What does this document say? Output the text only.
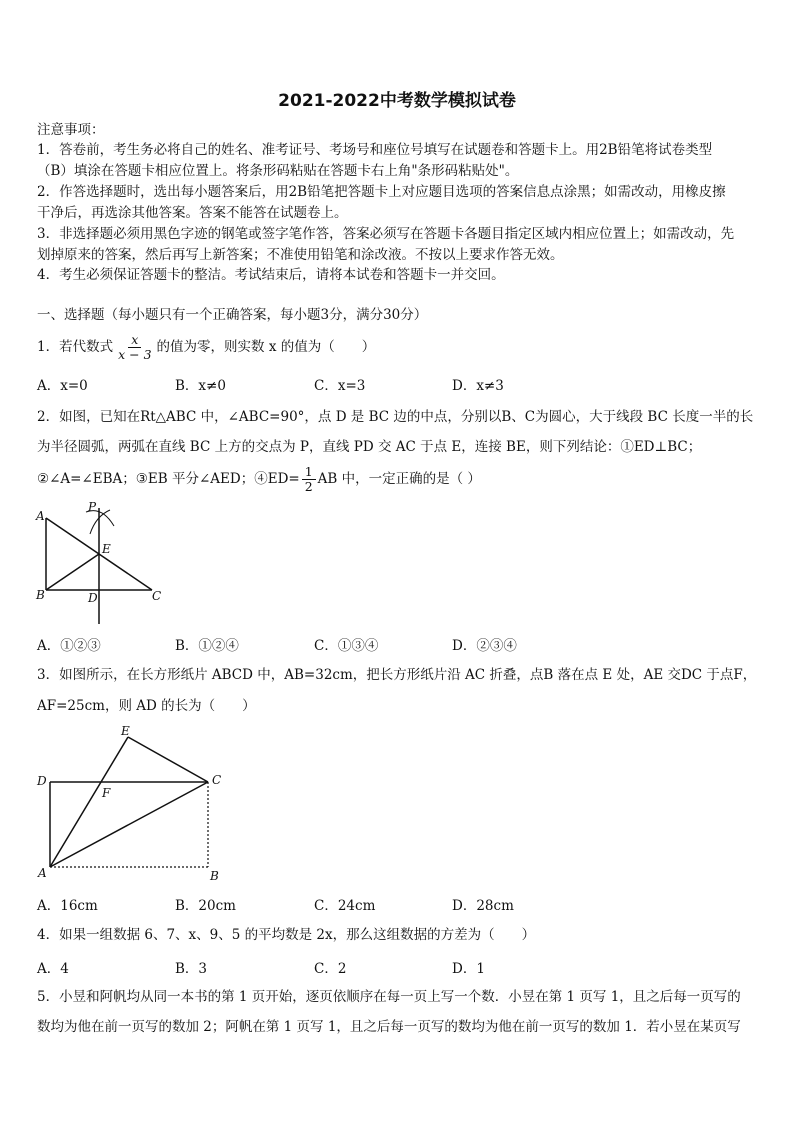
2021-2022中考数学模拟试卷
注意事项：
1．答卷前，考生务必将自己的姓名、准考证号、考场号和座位号填写在试题卷和答题卡上。用2B铅笔将试卷类型
（B）填涂在答题卡相应位置上。将条形码粘贴在答题卡右上角"条形码粘贴处"。
2．作答选择题时，选出每小题答案后，用2B铅笔把答题卡上对应题目选项的答案信息点涂黑；如需改动，用橡皮擦
干净后，再选涂其他答案。答案不能答在试题卷上。
3．非选择题必须用黑色字迹的钢笔或签字笔作答，答案必须写在答题卡各题目指定区域内相应位置上；如需改动，先
划掉原来的答案，然后再写上新答案；不准使用铅笔和涂改液。不按以上要求作答无效。
4．考生必须保证答题卡的整洁。考试结束后，请将本试卷和答题卡一并交回。
一、选择题（每小题只有一个正确答案，每小题3分，满分30分）
1．若代数式 $\frac{x}{x - 3}$ 的值为零，则实数 x 的值为（　　）
A．x=0	B．x≠0	C．x=3	D．x≠3
2．如图，已知在Rt△ABC 中，∠ABC=90°，点 D 是 BC 边的中点，分别以B、C为圆心，大于线段 BC 长度一半的长
为半径圆弧，两弧在直线 BC 上方的交点为 P，直线 PD 交 AC 于点 E，连接 BE，则下列结论：①ED⊥BC；
②∠A=∠EBA；③EB 平分∠AED；④ED= $\frac{1}{2}$ AB 中，一定正确的是（ ）
A
P
E
B	D	C
A．①②③	B．①②④	C．①③④	D．②③④
3．如图所示，在长方形纸片 ABCD 中，AB=32cm，把长方形纸片沿 AC 折叠，点B 落在点 E 处，AE 交DC 于点F，
AF=25cm，则 AD 的长为（　　）
E
D	C
F
A	B
A．16cm	B．20cm	C．24cm	D．28cm
4．如果一组数据 6、7、x、9、5 的平均数是 2x，那么这组数据的方差为（　　）
A．4	B．3	C．2	D．1
5．小昱和阿帆均从同一本书的第 1 页开始，逐页依顺序在每一页上写一个数．小昱在第 1 页写 1，且之后每一页写的
数均为他在前一页写的数加 2；阿帆在第 1 页写 1，且之后每一页写的数均为他在前一页写的数加 1．若小昱在某页写
